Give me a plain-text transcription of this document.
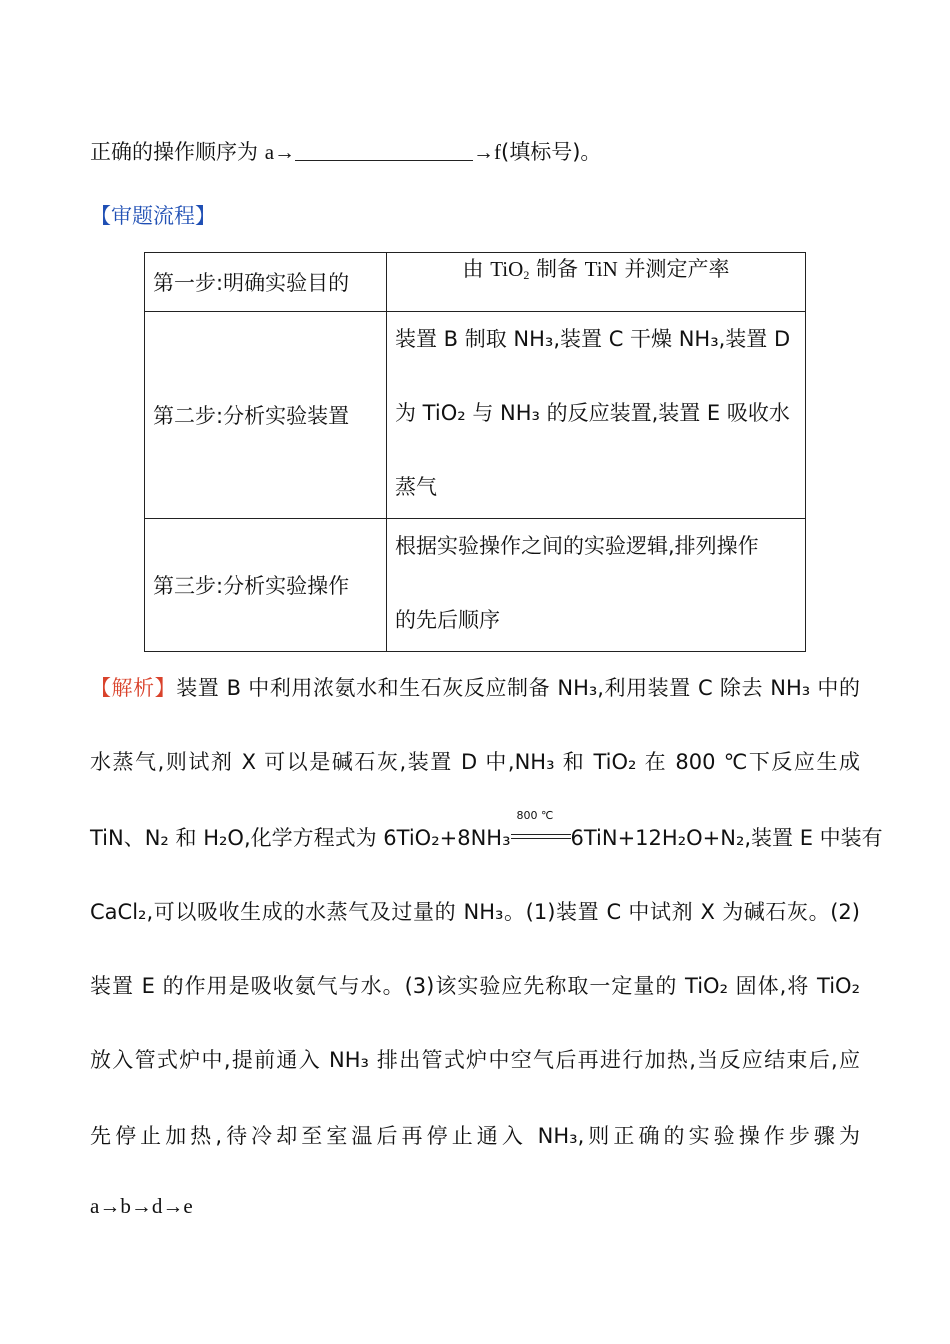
正确的操作顺序为 a→	→f(填标号)。
【审题流程】
第一步:明确实验目的	由 TiO$_2$ 制备 TiN 并测定产率
第二步:分析实验装置	装置 B 制取 NH₃,装置 C 干燥 NH₃,装置 D
为 TiO₂ 与 NH₃ 的反应装置,装置 E 吸收水
蒸气

第三步:分析实验操作	根据实验操作之间的实验逻辑,排列操作
的先后顺序
【解析】装置 B 中利用浓氨水和生石灰反应制备 NH₃,利用装置 C 除去 NH₃ 中的
水蒸气,则试剂 X 可以是碱石灰,装置 D 中,NH₃ 和 TiO₂ 在 800 ℃下反应生成
TiN、N₂ 和 H₂O,化学方程式为 6TiO₂+8NH₃
800 ℃
6TiN+12H₂O+N₂,装置 E 中装有
CaCl₂,可以吸收生成的水蒸气及过量的 NH₃。(1)装置 C 中试剂 X 为碱石灰。(2)
装置 E 的作用是吸收氨气与水。(3)该实验应先称取一定量的 TiO₂ 固体,将 TiO₂
放入管式炉中,提前通入 NH₃ 排出管式炉中空气后再进行加热,当反应结束后,应
先停止加热,待冷却至室温后再停止通入 NH₃,则正确的实验操作步骤为
a→b→d→e
